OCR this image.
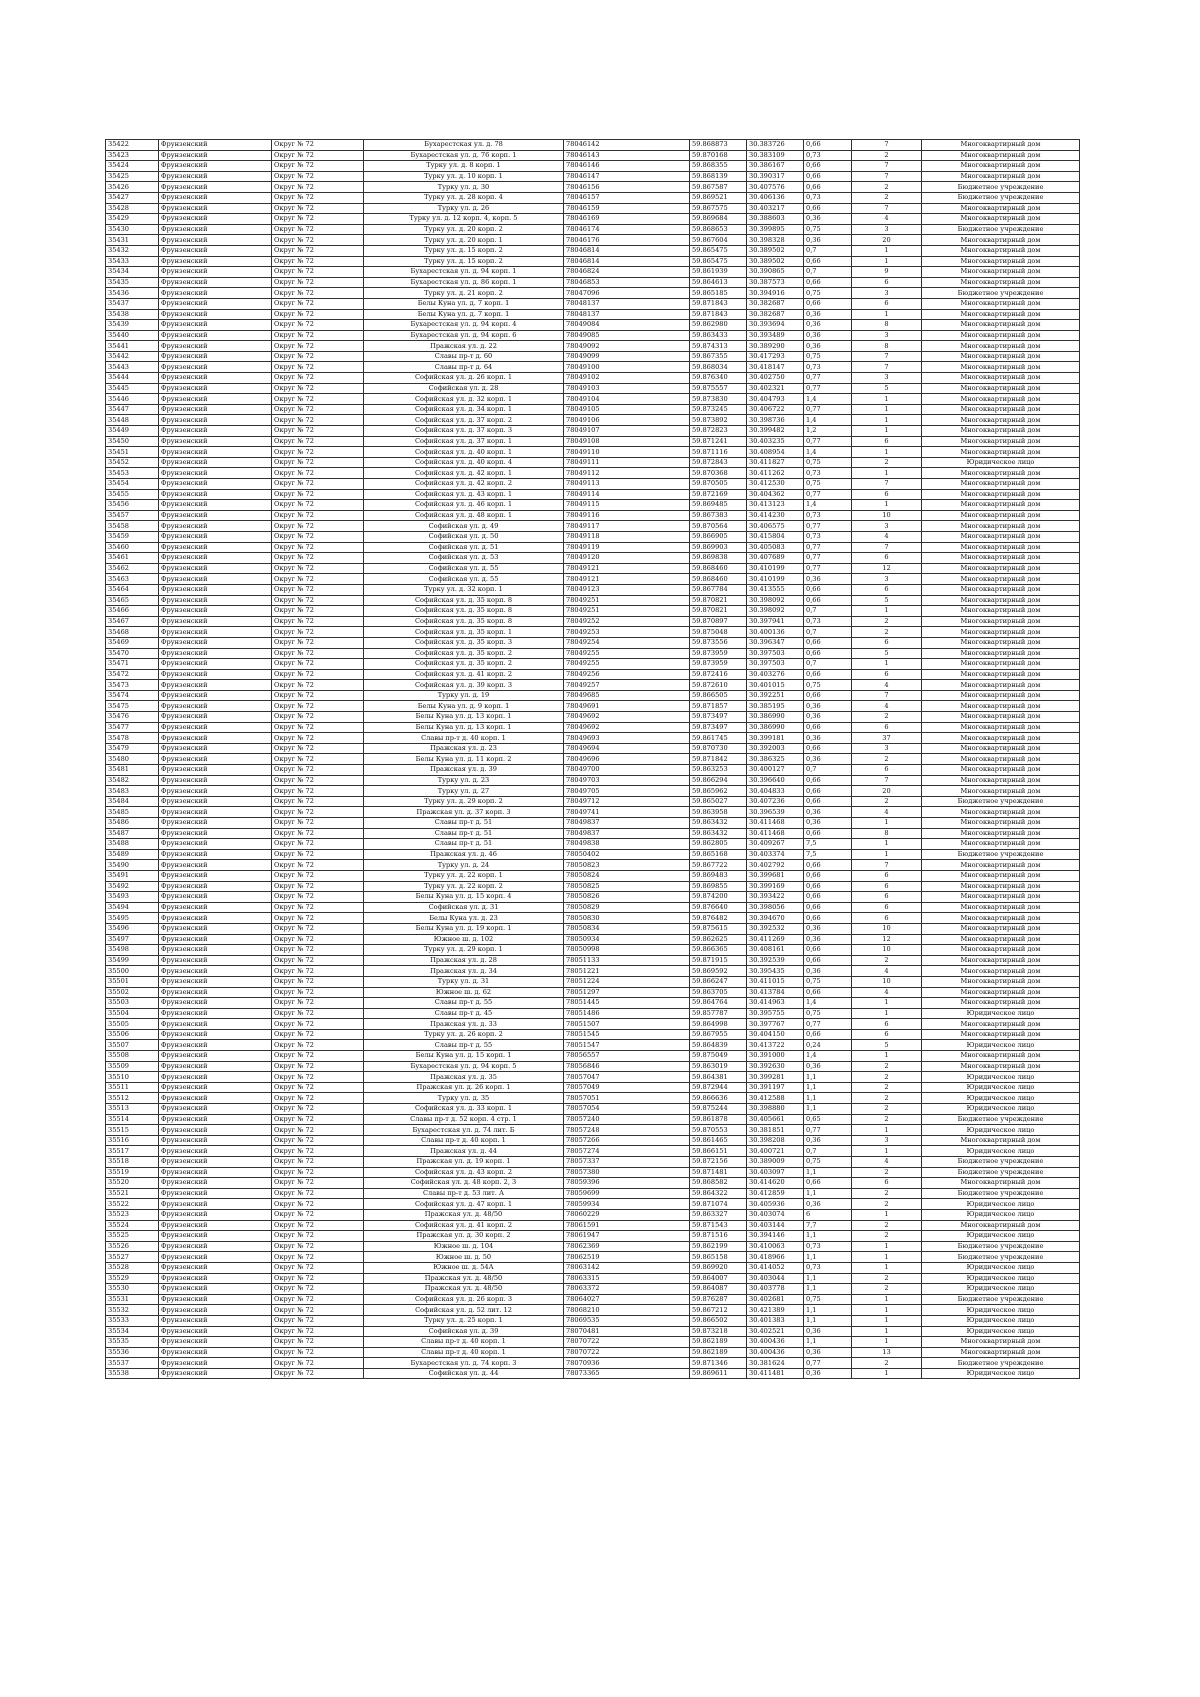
35422	Фрунзенский	Округ № 72	Бухарестская ул. д. 78	78046142	59.868873	30.383726	0,66	7	Многоквартирный дом
35423	Фрунзенский	Округ № 72	Бухарестская ул. д. 76 корп. 1	78046143	59.870168	30.383109	0,73	2	Многоквартирный дом
35424	Фрунзенский	Округ № 72	Турку ул. д. 8 корп. 1	78046146	59.868355	30.386167	0,66	7	Многоквартирный дом
35425	Фрунзенский	Округ № 72	Турку ул. д. 10 корп. 1	78046147	59.868139	30.390317	0,66	7	Многоквартирный дом
35426	Фрунзенский	Округ № 72	Турку ул. д. 30	78046156	59.867587	30.407576	0,66	2	Бюджетное учреждение
35427	Фрунзенский	Округ № 72	Турку ул. д. 28 корп. 4	78046157	59.869521	30.406136	0,73	2	Бюджетное учреждение
35428	Фрунзенский	Округ № 72	Турку ул. д. 26	78046159	59.867575	30.403217	0,66	7	Многоквартирный дом
35429	Фрунзенский	Округ № 72	Турку ул. д. 12 корп. 4, корп. 5	78046169	59.869684	30.388603	0,36	4	Многоквартирный дом
35430	Фрунзенский	Округ № 72	Турку ул. д. 20 корп. 2	78046174	59.868653	30.399895	0,75	3	Бюджетное учреждение
35431	Фрунзенский	Округ № 72	Турку ул. д. 20 корп. 1	78046176	59.867604	30.398328	0,36	20	Многоквартирный дом
35432	Фрунзенский	Округ № 72	Турку ул. д. 15 корп. 2	78046814	59.865475	30.389502	0,7	1	Многоквартирный дом
35433	Фрунзенский	Округ № 72	Турку ул. д. 15 корп. 2	78046814	59.865475	30.389502	0,66	1	Многоквартирный дом
35434	Фрунзенский	Округ № 72	Бухарестская ул. д. 94 корп. 1	78046824	59.861939	30.390865	0,7	9	Многоквартирный дом
35435	Фрунзенский	Округ № 72	Бухарестская ул. д. 86 корп. 1	78046853	59.864613	30.387573	0,66	6	Многоквартирный дом
35436	Фрунзенский	Округ № 72	Турку ул. д. 21 корп. 2	78047096	59.865185	30.394916	0,75	3	Бюджетное учреждение
35437	Фрунзенский	Округ № 72	Белы Куна ул. д. 7 корп. 1	78048137	59.871843	30.382687	0,66	6	Многоквартирный дом
35438	Фрунзенский	Округ № 72	Белы Куна ул. д. 7 корп. 1	78048137	59.871843	30.382687	0,36	1	Многоквартирный дом
35439	Фрунзенский	Округ № 72	Бухарестская ул. д. 94 корп. 4	78049084	59.862980	30.393694	0,36	8	Многоквартирный дом
35440	Фрунзенский	Округ № 72	Бухарестская ул. д. 94 корп. 6	78049085	59.863433	30.393489	0,36	3	Многоквартирный дом
35441	Фрунзенский	Округ № 72	Пражская ул. д. 22	78049092	59.874313	30.389290	0,36	8	Многоквартирный дом
35442	Фрунзенский	Округ № 72	Славы пр-т д. 60	78049099	59.867355	30.417293	0,75	7	Многоквартирный дом
35443	Фрунзенский	Округ № 72	Славы пр-т д. 64	78049100	59.868034	30.418147	0,73	7	Многоквартирный дом
35444	Фрунзенский	Округ № 72	Софийская ул. д. 26 корп. 1	78049102	59.876340	30.402750	0,77	3	Многоквартирный дом
35445	Фрунзенский	Округ № 72	Софийская ул. д. 28	78049103	59.875557	30.402321	0,77	5	Многоквартирный дом
35446	Фрунзенский	Округ № 72	Софийская ул. д. 32 корп. 1	78049104	59.873830	30.404793	1,4	1	Многоквартирный дом
35447	Фрунзенский	Округ № 72	Софийская ул. д. 34 корп. 1	78049105	59.873245	30.406722	0,77	1	Многоквартирный дом
35448	Фрунзенский	Округ № 72	Софийская ул. д. 37 корп. 2	78049106	59.873892	30.398736	1,4	1	Многоквартирный дом
35449	Фрунзенский	Округ № 72	Софийская ул. д. 37 корп. 3	78049107	59.872823	30.399482	1,2	1	Многоквартирный дом
35450	Фрунзенский	Округ № 72	Софийская ул. д. 37 корп. 1	78049108	59.871241	30.403235	0,77	6	Многоквартирный дом
35451	Фрунзенский	Округ № 72	Софийская ул. д. 40 корп. 1	78049110	59.871116	30.408954	1,4	1	Многоквартирный дом
35452	Фрунзенский	Округ № 72	Софийская ул. д. 40 корп. 4	78049111	59.872843	30.411827	0,75	2	Юридическое лицо
35453	Фрунзенский	Округ № 72	Софийская ул. д. 42 корп. 1	78049112	59.870368	30.411262	0,73	1	Многоквартирный дом
35454	Фрунзенский	Округ № 72	Софийская ул. д. 42 корп. 2	78049113	59.870505	30.412530	0,75	7	Многоквартирный дом
35455	Фрунзенский	Округ № 72	Софийская ул. д. 43 корп. 1	78049114	59.872169	30.404362	0,77	6	Многоквартирный дом
35456	Фрунзенский	Округ № 72	Софийская ул. д. 46 корп. 1	78049115	59.869485	30.413123	1,4	1	Многоквартирный дом
35457	Фрунзенский	Округ № 72	Софийская ул. д. 48 корп. 1	78049116	59.867383	30.414230	0,73	10	Многоквартирный дом
35458	Фрунзенский	Округ № 72	Софийская ул. д. 49	78049117	59.870564	30.406575	0,77	3	Многоквартирный дом
35459	Фрунзенский	Округ № 72	Софийская ул. д. 50	78049118	59.866905	30.415804	0,73	4	Многоквартирный дом
35460	Фрунзенский	Округ № 72	Софийская ул. д. 51	78049119	59.869903	30.405083	0,77	7	Многоквартирный дом
35461	Фрунзенский	Округ № 72	Софийская ул. д. 53	78049120	59.869838	30.407689	0,77	6	Многоквартирный дом
35462	Фрунзенский	Округ № 72	Софийская ул. д. 55	78049121	59.868460	30.410199	0,77	12	Многоквартирный дом
35463	Фрунзенский	Округ № 72	Софийская ул. д. 55	78049121	59.868460	30.410199	0,36	3	Многоквартирный дом
35464	Фрунзенский	Округ № 72	Турку ул. д. 32 корп. 1	78049123	59.867784	30.413555	0,66	6	Многоквартирный дом
35465	Фрунзенский	Округ № 72	Софийская ул. д. 35 корп. 8	78049251	59.870821	30.398092	0,66	5	Многоквартирный дом
35466	Фрунзенский	Округ № 72	Софийская ул. д. 35 корп. 8	78049251	59.870821	30.398092	0,7	1	Многоквартирный дом
35467	Фрунзенский	Округ № 72	Софийская ул. д. 35 корп. 8	78049252	59.870897	30.397941	0,73	2	Многоквартирный дом
35468	Фрунзенский	Округ № 72	Софийская ул. д. 35 корп. 1	78049253	59.875048	30.400136	0,7	2	Многоквартирный дом
35469	Фрунзенский	Округ № 72	Софийская ул. д. 35 корп. 3	78049254	59.873556	30.396347	0,66	6	Многоквартирный дом
35470	Фрунзенский	Округ № 72	Софийская ул. д. 35 корп. 2	78049255	59.873959	30.397503	0,66	5	Многоквартирный дом
35471	Фрунзенский	Округ № 72	Софийская ул. д. 35 корп. 2	78049255	59.873959	30.397503	0,7	1	Многоквартирный дом
35472	Фрунзенский	Округ № 72	Софийская ул. д. 41 корп. 2	78049256	59.872416	30.403276	0,66	6	Многоквартирный дом
35473	Фрунзенский	Округ № 72	Софийская ул. д. 39 корп. 3	78049257	59.872610	30.401015	0,75	4	Многоквартирный дом
35474	Фрунзенский	Округ № 72	Турку ул. д. 19	78049685	59.866505	30.392251	0,66	7	Многоквартирный дом
35475	Фрунзенский	Округ № 72	Белы Куна ул. д. 9 корп. 1	78049691	59.871857	30.385195	0,36	4	Многоквартирный дом
35476	Фрунзенский	Округ № 72	Белы Куна ул. д. 13 корп. 1	78049692	59.873497	30.386990	0,36	2	Многоквартирный дом
35477	Фрунзенский	Округ № 72	Белы Куна ул. д. 13 корп. 1	78049692	59.873497	30.386990	0,66	6	Многоквартирный дом
35478	Фрунзенский	Округ № 72	Славы пр-т д. 40 корп. 1	78049693	59.861745	30.399181	0,36	37	Многоквартирный дом
35479	Фрунзенский	Округ № 72	Пражская ул. д. 23	78049694	59.870730	30.392003	0,66	3	Многоквартирный дом
35480	Фрунзенский	Округ № 72	Белы Куна ул. д. 11 корп. 2	78049696	59.871842	30.386325	0,36	2	Многоквартирный дом
35481	Фрунзенский	Округ № 72	Пражская ул. д. 39	78049700	59.863253	30.400127	0,7	6	Многоквартирный дом
35482	Фрунзенский	Округ № 72	Турку ул. д. 23	78049703	59.866294	30.396640	0,66	7	Многоквартирный дом
35483	Фрунзенский	Округ № 72	Турку ул. д. 27	78049705	59.865962	30.404833	0,66	20	Многоквартирный дом
35484	Фрунзенский	Округ № 72	Турку ул. д. 29 корп. 2	78049712	59.865027	30.407236	0,66	2	Бюджетное учреждение
35485	Фрунзенский	Округ № 72	Пражская ул. д. 37 корп. 3	78049741	59.863958	30.396539	0,36	4	Многоквартирный дом
35486	Фрунзенский	Округ № 72	Славы пр-т д. 51	78049837	59.863432	30.411468	0,36	1	Многоквартирный дом
35487	Фрунзенский	Округ № 72	Славы пр-т д. 51	78049837	59.863432	30.411468	0,66	8	Многоквартирный дом
35488	Фрунзенский	Округ № 72	Славы пр-т д. 51	78049838	59.862805	30.409267	7,5	1	Многоквартирный дом
35489	Фрунзенский	Округ № 72	Пражская ул. д. 46	78050402	59.865168	30.403374	7,5	1	Бюджетное учреждение
35490	Фрунзенский	Округ № 72	Турку ул. д. 24	78050823	59.867722	30.402792	0,66	7	Многоквартирный дом
35491	Фрунзенский	Округ № 72	Турку ул. д. 22 корп. 1	78050824	59.869483	30.399681	0,66	6	Многоквартирный дом
35492	Фрунзенский	Округ № 72	Турку ул. д. 22 корп. 2	78050825	59.869855	30.399169	0,66	6	Многоквартирный дом
35493	Фрунзенский	Округ № 72	Белы Куна ул. д. 15 корп. 4	78050826	59.874200	30.393422	0,66	6	Многоквартирный дом
35494	Фрунзенский	Округ № 72	Софийская ул. д. 31	78050829	59.876640	30.398056	0,66	6	Многоквартирный дом
35495	Фрунзенский	Округ № 72	Белы Куна ул. д. 23	78050830	59.876482	30.394670	0,66	6	Многоквартирный дом
35496	Фрунзенский	Округ № 72	Белы Куна ул. д. 19 корп. 1	78050834	59.875615	30.392532	0,36	10	Многоквартирный дом
35497	Фрунзенский	Округ № 72	Южное ш. д. 102	78050934	59.862625	30.411269	0,36	12	Многоквартирный дом
35498	Фрунзенский	Округ № 72	Турку ул. д. 29 корп. 1	78050998	59.866365	30.408161	0,66	10	Многоквартирный дом
35499	Фрунзенский	Округ № 72	Пражская ул. д. 28	78051133	59.871915	30.392539	0,66	2	Многоквартирный дом
35500	Фрунзенский	Округ № 72	Пражская ул. д. 34	78051221	59.869592	30.395435	0,36	4	Многоквартирный дом
35501	Фрунзенский	Округ № 72	Турку ул. д. 31	78051224	59.866247	30.411015	0,75	10	Многоквартирный дом
35502	Фрунзенский	Округ № 72	Южное ш. д. 62	78051297	59.863705	30.413784	0,66	4	Многоквартирный дом
35503	Фрунзенский	Округ № 72	Славы пр-т д. 55	78051445	59.864764	30.414963	1,4	1	Многоквартирный дом
35504	Фрунзенский	Округ № 72	Славы пр-т д. 45	78051486	59.857787	30.395755	0,75	1	Юридическое лицо
35505	Фрунзенский	Округ № 72	Пражская ул. д. 33	78051507	59.864998	30.397767	0,77	6	Многоквартирный дом
35506	Фрунзенский	Округ № 72	Турку ул. д. 26 корп. 2	78051545	59.867955	30.404150	0,66	6	Многоквартирный дом
35507	Фрунзенский	Округ № 72	Славы пр-т д. 55	78051547	59.864839	30.413722	0,24	5	Юридическое лицо
35508	Фрунзенский	Округ № 72	Белы Куна ул. д. 15 корп. 1	78056557	59.875049	30.391000	1,4	1	Многоквартирный дом
35509	Фрунзенский	Округ № 72	Бухарестская ул. д. 94 корп. 5	78056846	59.863019	30.392630	0,36	2	Многоквартирный дом
35510	Фрунзенский	Округ № 72	Пражская ул. д. 35	78057047	59.864381	30.399281	1,1	2	Юридическое лицо
35511	Фрунзенский	Округ № 72	Пражская ул. д. 26 корп. 1	78057049	59.872944	30.391197	1,1	2	Юридическое лицо
35512	Фрунзенский	Округ № 72	Турку ул. д. 35	78057051	59.866636	30.412588	1,1	2	Юридическое лицо
35513	Фрунзенский	Округ № 72	Софийская ул. д. 33 корп. 1	78057054	59.875244	30.398880	1,1	2	Юридическое лицо
35514	Фрунзенский	Округ № 72	Славы пр-т д. 52 корп. 4 стр. 1	78057240	59.861878	30.405661	0,65	2	Бюджетное учреждение
35515	Фрунзенский	Округ № 72	Бухарестская ул. д. 74 лит. Б	78057248	59.870553	30.381851	0,77	1	Юридическое лицо
35516	Фрунзенский	Округ № 72	Славы пр-т д. 40 корп. 1	78057266	59.861465	30.398208	0,36	3	Многоквартирный дом
35517	Фрунзенский	Округ № 72	Пражская ул. д. 44	78057274	59.866151	30.400721	0,7	1	Юридическое лицо
35518	Фрунзенский	Округ № 72	Пражская ул. д. 19 корп. 1	78057337	59.872156	30.389009	0,75	4	Бюджетное учреждение
35519	Фрунзенский	Округ № 72	Софийская ул. д. 43 корп. 2	78057380	59.871481	30.403097	1,1	2	Бюджетное учреждение
35520	Фрунзенский	Округ № 72	Софийская ул. д. 48 корп. 2, 3	78059396	59.868582	30.414620	0,66	6	Многоквартирный дом
35521	Фрунзенский	Округ № 72	Славы пр-т д. 53 лит. А	78059699	59.864322	30.412859	1,1	2	Бюджетное учреждение
35522	Фрунзенский	Округ № 72	Софийская ул. д. 47 корп. 1	78059934	59.871074	30.405936	0,36	2	Юридическое лицо
35523	Фрунзенский	Округ № 72	Пражская ул. д. 48/50	78060229	59.863327	30.403074	6	1	Юридическое лицо
35524	Фрунзенский	Округ № 72	Софийская ул. д. 41 корп. 2	78061591	59.871543	30.403144	7,7	2	Многоквартирный дом
35525	Фрунзенский	Округ № 72	Пражская ул. д. 30 корп. 2	78061947	59.871516	30.394146	1,1	2	Юридическое лицо
35526	Фрунзенский	Округ № 72	Южное ш. д. 104	78062369	59.862199	30.410063	0,73	1	Бюджетное учреждение
35527	Фрунзенский	Округ № 72	Южное ш. д. 50	78062519	59.865158	30.418966	1,1	1	Бюджетное учреждение
35528	Фрунзенский	Округ № 72	Южное ш. д. 54А	78063142	59.869920	30.414052	0,73	1	Юридическое лицо
35529	Фрунзенский	Округ № 72	Пражская ул. д. 48/50	78063315	59.864007	30.403044	1,1	2	Юридическое лицо
35530	Фрунзенский	Округ № 72	Пражская ул. д. 48/50	78063372	59.864087	30.403778	1,1	2	Юридическое лицо
35531	Фрунзенский	Округ № 72	Софийская ул. д. 26 корп. 3	78064027	59.876287	30.402681	0,75	1	Бюджетное учреждение
35532	Фрунзенский	Округ № 72	Софийская ул. д. 52 лит. 12	78068210	59.867212	30.421389	1,1	1	Юридическое лицо
35533	Фрунзенский	Округ № 72	Турку ул. д. 25 корп. 1	78069535	59.866502	30.401383	1,1	1	Юридическое лицо
35534	Фрунзенский	Округ № 72	Софийская ул. д. 39	78070481	59.873218	30.402521	0,36	1	Юридическое лицо
35535	Фрунзенский	Округ № 72	Славы пр-т д. 40 корп. 1	78070722	59.862189	30.400436	1,1	1	Многоквартирный дом
35536	Фрунзенский	Округ № 72	Славы пр-т д. 40 корп. 1	78070722	59.862189	30.400436	0,36	13	Многоквартирный дом
35537	Фрунзенский	Округ № 72	Бухарестская ул. д. 74 корп. 3	78070936	59.871346	30.381624	0,77	2	Бюджетное учреждение
35538	Фрунзенский	Округ № 72	Софийская ул. д. 44	78073365	59.869611	30.411481	0,36	1	Юридическое лицо
